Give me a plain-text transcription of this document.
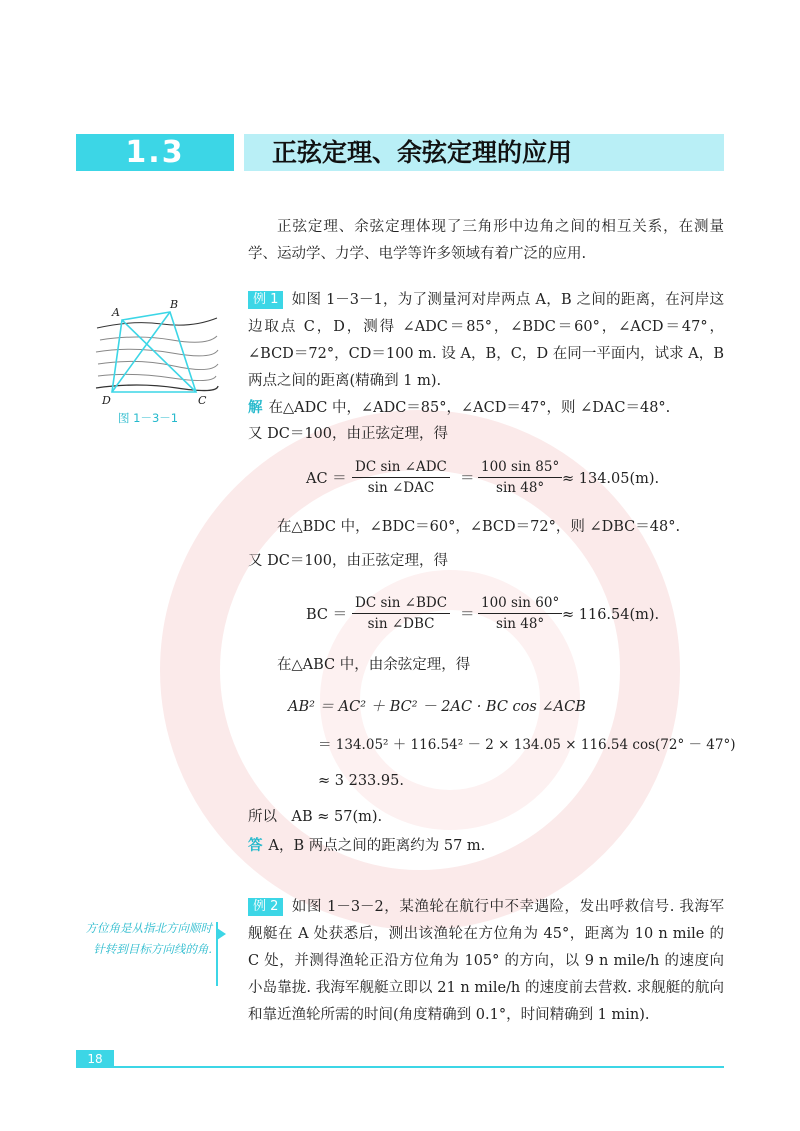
1.3	正弦定理、余弦定理的应用
正弦定理、余弦定理体现了三角形中边角之间的相互关系，在测量学、运动学、力学、电学等许多领域有着广泛的应用.
A
B
C
D
图 1－3－1
例 1 如图 1－3－1，为了测量河对岸两点 A，B 之间的距离，在河岸这边取点 C，D，测得 ∠ADC＝85°，∠BDC＝60°，∠ACD＝47°，∠BCD＝72°，CD＝100 m. 设 A，B，C，D 在同一平面内，试求 A，B 两点之间的距离(精确到 1 m).
解 在△ADC 中，∠ADC＝85°，∠ACD＝47°，则 ∠DAC＝48°.
又 DC＝100，由正弦定理，得
AC ＝
DC sin ∠ADC
sin ∠DAC
＝ $\frac{100 \sin 85^\circ}{\sin 48^\circ} \approx 134.05(m)$.
在△BDC 中，∠BDC＝60°，∠BCD＝72°，则 ∠DBC＝48°.
又 DC＝100，由正弦定理，得
BC ＝
DC sin ∠BDC
sin ∠DBC
＝ $\frac{100 \sin 60^\circ}{\sin 48^\circ} \approx 116.54(m)$.
在△ABC 中，由余弦定理，得
AB² ＝ AC² ＋ BC² － 2AC · BC cos ∠ACB
＝ 134.05² ＋ 116.54² － 2 × 134.05 × 116.54 cos(72° － 47°)
≈ 3 233.95.
所以　AB ≈ 57(m).
答 A，B 两点之间的距离约为 57 m.
例 2 如图 1－3－2，某渔轮在航行中不幸遇险，发出呼救信号. 我海军舰艇在 A 处获悉后，测出该渔轮在方位角为 45°，距离为 10 n mile 的 C 处，并测得渔轮正沿方位角为 105° 的方向，以 9 n mile/h 的速度向小岛靠拢. 我海军舰艇立即以 21 n mile/h 的速度前去营救. 求舰艇的航向和靠近渔轮所需的时间(角度精确到 0.1°，时间精确到 1 min).
方位角是从指北方向顺时针转到目标方向线的角.
18
